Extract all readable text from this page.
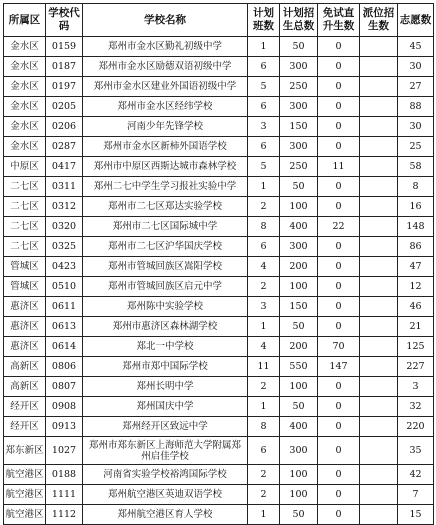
所属区	学校代码	学校名称	计划班数	计划招生总数	免试直升生数	派位招生数	志愿数
金水区	0159	郑州市金水区勤礼初级中学	1	50	0		45
金水区	0187	郑州市金水区励德双语初级中学	6	300	0		30
金水区	0197	郑州市金水区建业外国语初级中学	5	250	0		27
金水区	0205	郑州市金水区经纬学校	6	300	0		88
金水区	0206	河南少年先锋学校	3	150	0		30
金水区	0287	郑州市金水区新柿外国语学校	6	300	0		25
中原区	0417	郑州市中原区西斯达城市森林学校	5	250	11		58
二七区	0311	郑州二七中学生学习报社实验中学	1	50	0		8
二七区	0312	郑州市二七区郑达实验学校	2	100	0		16
二七区	0320	郑州市二七区国际城中学	8	400	22		148
二七区	0325	郑州市二七区沪华国庆学校	6	300	0		86
管城区	0423	郑州市管城回族区嵩阳学校	4	200	0		47
管城区	0510	郑州市管城回族区启元中学	2	100	0		12
惠济区	0611	郑州陈中实验学校	3	150	0		46
惠济区	0613	郑州市惠济区森林湖学校	1	50	0		21
惠济区	0614	郑北一中学校	4	200	70		125
高新区	0806	郑州市郑中国际学校	11	550	147		227
高新区	0807	郑州长明中学	2	100	0		3
经开区	0908	郑州国庆中学	1	50	0		32
经开区	0913	郑州经开区致远中学	8	400	0		220
郑东新区	1027	郑州市郑东新区上海师范大学附属郑州启佳学校	6	300	0		35
航空港区	0188	河南省实验学校裕鸿国际学校	2	100	0		42
航空港区	1111	郑州航空港区英迪双语学校	2	100	0		7
航空港区	1112	郑州航空港区育人学校	1	50	0		15
